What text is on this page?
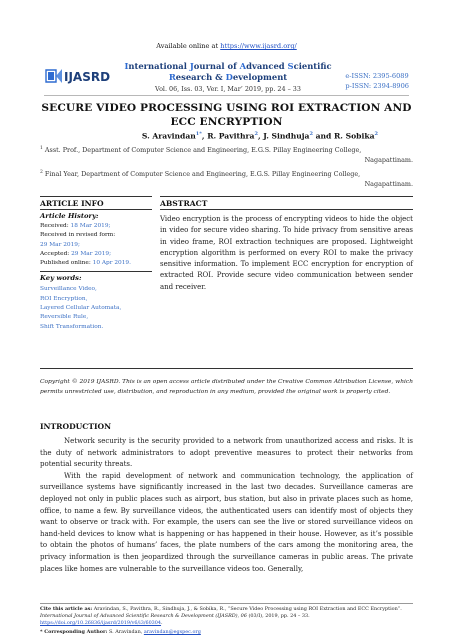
Available online at https://www.ijasrd.org/
IJASRD
International Journal of Advanced Scientific
Research & Development	e-ISSN: 2395-6089
p-ISSN: 2394-8906
Vol. 06, Iss. 03, Ver. I, Mar’ 2019, pp. 24 – 33
SECURE VIDEO PROCESSING USING ROI EXTRACTION AND
ECC ENCRYPTION
S. Aravindan$^{1*}$, R. Pavithra$^2$, J. Sindhuja$^2$ and R. Sobika$^2$
$^1$ Asst. Prof., Department of Computer Science and Engineering, E.G.S. Pillay Engineering College,
Nagapattinam.
$^2$ Final Year, Department of Computer Science and Engineering, E.G.S. Pillay Engineering College,
Nagapattinam.
ARTICLE INFO
Article History:
Received: 18 Mar 2019;
Received in revised form:
29 Mar 2019;
Accepted: 29 Mar 2019;
Published online: 10 Apr 2019.
Key words:
Surveillance Video,
ROI Encryption,
Layered Cellular Automata,
Reversible Rule,
Shift Transformation.
ABSTRACT
Video encryption is the process of encrypting videos to hide the object in video for secure video sharing. To hide privacy from sensitive areas in video frame, ROI extraction techniques are proposed. Lightweight encryption algorithm is performed on every ROI to make the privacy sensitive information. To implement ECC encryption for encryption of extracted ROI. Provide secure video communication between sender and receiver.
Copyright © 2019 IJASRD. This is an open access article distributed under the Creative Common Attribution License, which permits unrestricted use, distribution, and reproduction in any medium, provided the original work is properly cited.
INTRODUCTION

Network security is the security provided to a network from unauthorized access and risks. It is the duty of network administrators to adopt preventive measures to protect their networks from potential security threats.

With the rapid development of network and communication technology, the application of surveillance systems have significantly increased in the last two decades. Surveillance cameras are deployed not only in public places such as airport, bus station, but also in private places such as home, office, to name a few. By surveillance videos, the authenticated users can identify most of objects they want to observe or track with. For example, the users can see the live or stored surveillance videos on hand-held devices to know what is happening or has happened in their house. However, as it’s possible to obtain the photos of humans’ faces, the plate numbers of the cars among the monitoring area, the privacy information is then jeopardized through the surveillance cameras in public areas. The private places like homes are vulnerable to the surveillance videos too. Generally,

Cite this article as: Aravindan, S., Pavithra, R., Sindhuja, J., & Sobika, R., “Secure Video Processing using ROI Extraction and ECC Encryption”. International Journal of Advanced Scientific Research & Development (IJASRD), 06 (03/I), 2019, pp. 24 – 33. https://doi.org/10.26836/ijasrd/2019/v6/i3/60304.
* Corresponding Author: S. Aravindan, aravindan@egspec.org
